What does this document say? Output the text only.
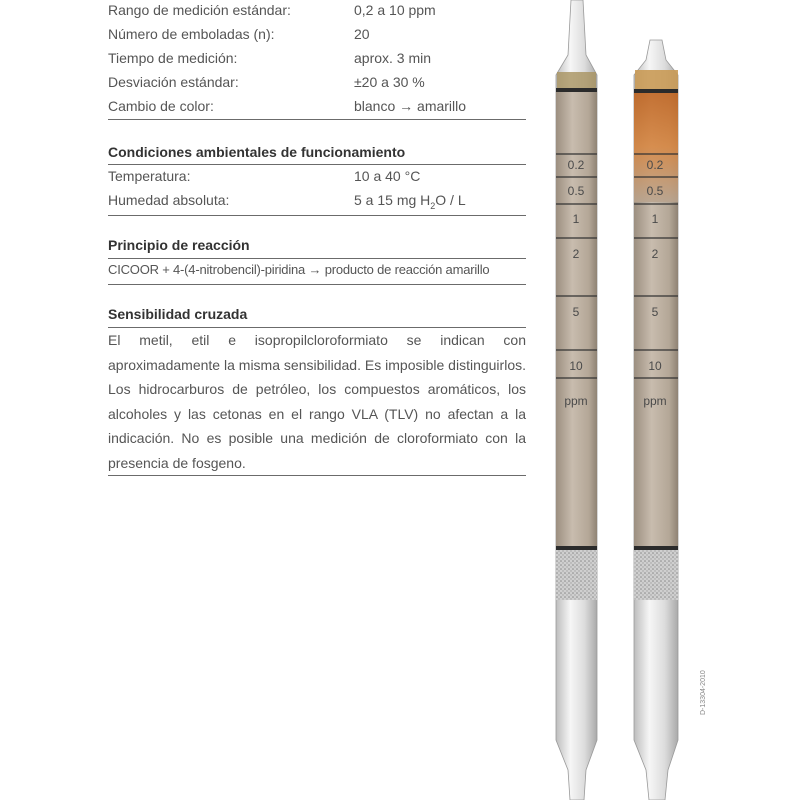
Rango de medición estándar:	0,2 a 10 ppm
Número de emboladas (n):	20
Tiempo de medición:	aprox. 3 min
Desviación estándar:	±20 a 30 %
Cambio de color:	blanco → amarillo
Condiciones ambientales de funcionamiento
Temperatura:	10 a 40 °C
Humedad absoluta:	5 a 15 mg $H_2O$ / L
Principio de reacción
CICOOR + 4-(4-nitrobencil)-piridina → producto de reacción amarillo
Sensibilidad cruzada
El metil, etil e isopropilcloroformiato se indican con aproximadamente la misma sensibilidad. Es imposible distinguirlos. Los hidrocarburos de petróleo, los compuestos aromáticos, los alcoholes y las cetonas en el rango VLA (TLV) no afectan a la indicación. No es posible una medición de cloroformiato con la presencia de fosgeno.
0.2
0.5
1
2
5
10
ppm
0.2
0.5
1
2
5
10
ppm
D-13304-2010
